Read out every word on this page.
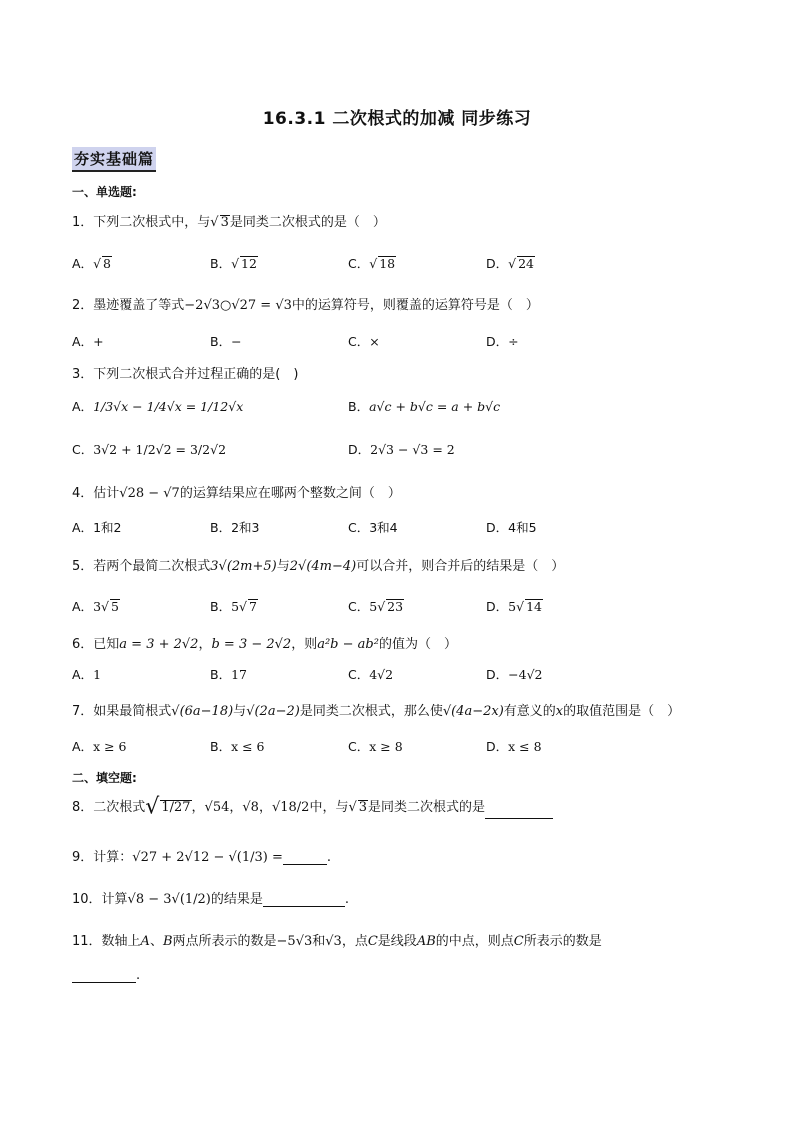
16.3.1 二次根式的加减 同步练习
夯实基础篇
一、单选题:
1．下列二次根式中，与√ 3是同类二次根式的是（　）
A．√ 8	B．√ 12	C．√ 18	D．√ 24
2．墨迹覆盖了等式−2√3○√27 = √3中的运算符号，则覆盖的运算符号是（　）
A．+	B．−	C．×	D．÷
3．下列二次根式合并过程正确的是(　)
A．1/3√x − 1/4√x = 1/12√x	B．a√c + b√c = a + b√c
C．3√2 + 1/2√2 = 3/2√2	D．2√3 − √3 = 2
4．估计√28 − √7的运算结果应在哪两个整数之间（　）
A．1和2	B．2和3	C．3和4	D．4和5
5．若两个最简二次根式3√(2m+5)与2√(4m−4)可以合并，则合并后的结果是（　）
A．3√ 5	B．5√ 7	C．5√ 23	D．5√ 14
6．已知a = 3 + 2√2，b = 3 − 2√2，则a²b − ab²的值为（　）
A．1	B．17	C．4√2	D．−4√2
7．如果最简根式√(6a−18)与√(2a−2)是同类二次根式，那么使√(4a−2x)有意义的x的取值范围是（　）
A．x ≥ 6	B．x ≤ 6	C．x ≥ 8	D．x ≤ 8
二、填空题:
8．二次根式√ 1/27，√54，√8，√18/2中，与√ 3是同类二次根式的是
9．计算：√27 + 2√12 − √(1/3) =	.
10．计算√8 − 3√(1/2)的结果是	.
11．数轴上A、B两点所表示的数是−5√3和√3，点C是线段AB的中点，则点C所表示的数是
.
